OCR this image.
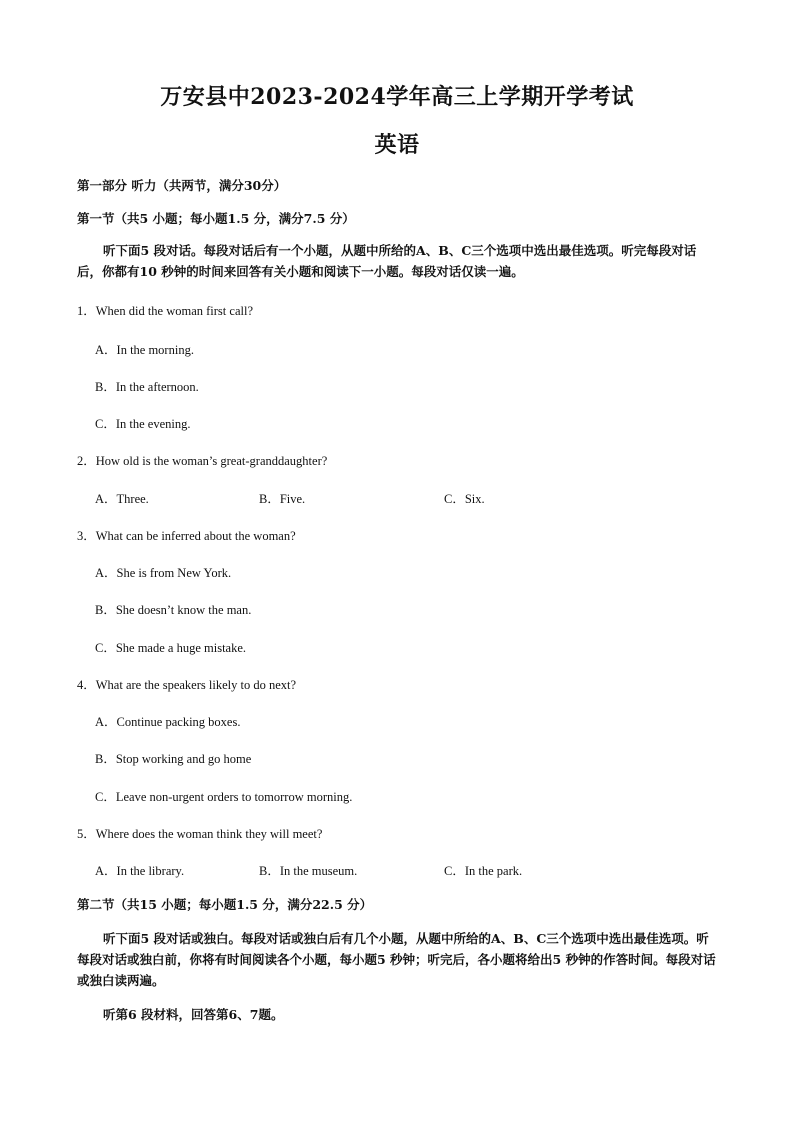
万安县中2023-2024学年高三上学期开学考试
英语
第一部分 听力（共两节，满分30分）
第一节（共5 小题；每小题1.5 分，满分7.5 分）
听下面5 段对话。每段对话后有一个小题，从题中所给的A、B、C三个选项中选出最佳选项。听完每段对话后，你都有10 秒钟的时间来回答有关小题和阅读下一小题。每段对话仅读一遍。
1．When did the woman first call?
A．In the morning.
B．In the afternoon.
C．In the evening.
2．How old is the woman’s great-granddaughter?
A．Three.	B．Five.	C．Six.
3．What can be inferred about the woman?
A．She is from New York.
B．She doesn’t know the man.
C．She made a huge mistake.
4．What are the speakers likely to do next?
A．Continue packing boxes.
B．Stop working and go home
C．Leave non-urgent orders to tomorrow morning.
5．Where does the woman think they will meet?
A．In the library.	B．In the museum.	C．In the park.
第二节（共15 小题；每小题1.5 分，满分22.5 分）
听下面5 段对话或独白。每段对话或独白后有几个小题，从题中所给的A、B、C三个选项中选出最佳选项。听每段对话或独白前，你将有时间阅读各个小题，每小题5 秒钟；听完后，各小题将给出5 秒钟的作答时间。每段对话或独白读两遍。
听第6 段材料，回答第6、7题。
